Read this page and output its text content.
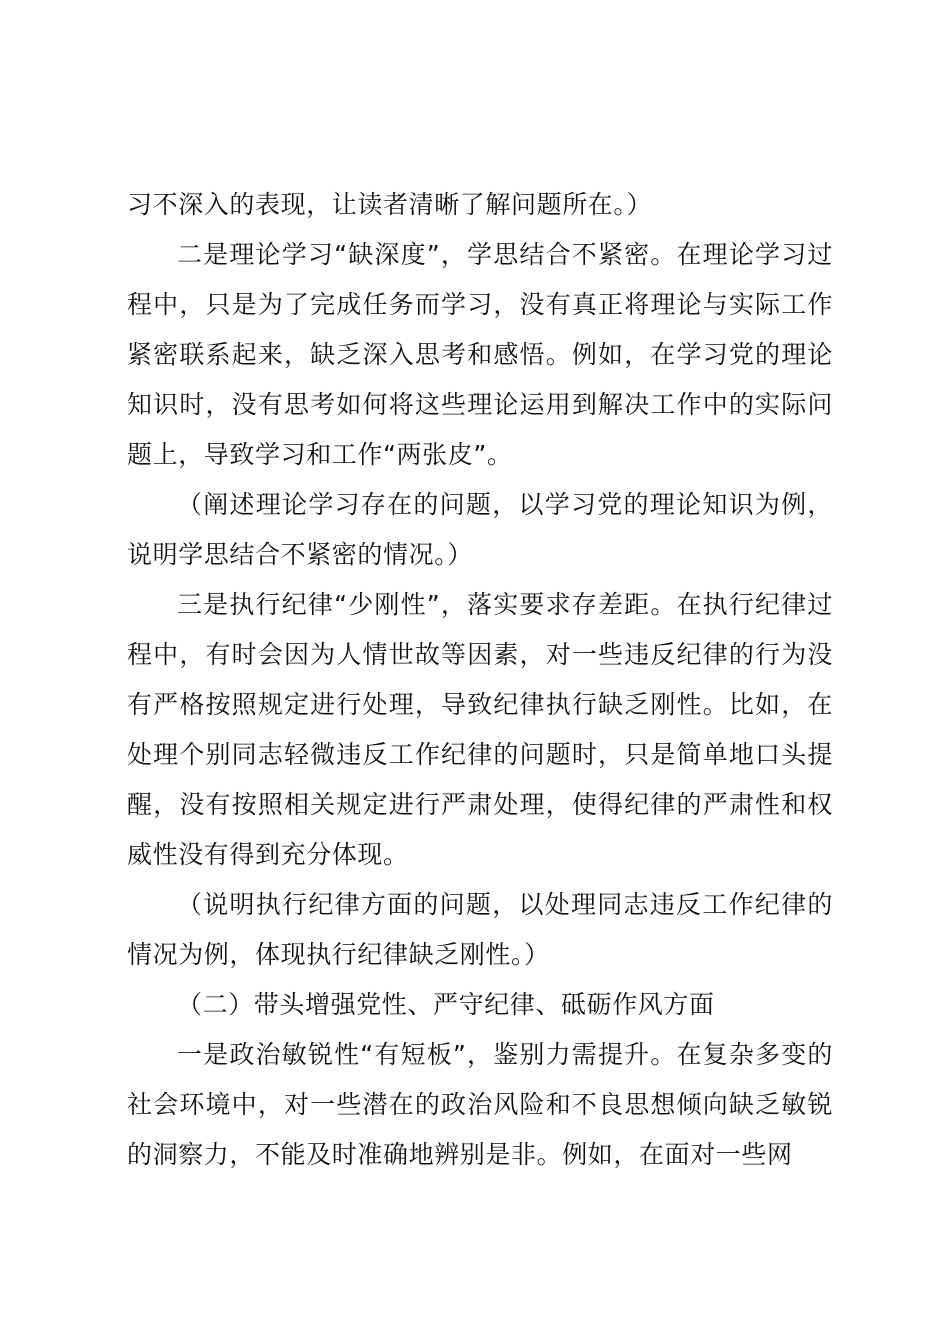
习不深入的表现，让读者清晰了解问题所在。）

二是理论学习“缺深度”，学思结合不紧密。在理论学习过程中，只是为了完成任务而学习，没有真正将理论与实际工作紧密联系起来，缺乏深入思考和感悟。例如，在学习党的理论知识时，没有思考如何将这些理论运用到解决工作中的实际问题上，导致学习和工作“两张皮”。

（阐述理论学习存在的问题，以学习党的理论知识为例，说明学思结合不紧密的情况。）

三是执行纪律“少刚性”，落实要求存差距。在执行纪律过程中，有时会因为人情世故等因素，对一些违反纪律的行为没有严格按照规定进行处理，导致纪律执行缺乏刚性。比如，在处理个别同志轻微违反工作纪律的问题时，只是简单地口头提醒，没有按照相关规定进行严肃处理，使得纪律的严肃性和权威性没有得到充分体现。

（说明执行纪律方面的问题，以处理同志违反工作纪律的情况为例，体现执行纪律缺乏刚性。）

（二）带头增强党性、严守纪律、砥砺作风方面

一是政治敏锐性“有短板”，鉴别力需提升。在复杂多变的社会环境中，对一些潜在的政治风险和不良思想倾向缺乏敏锐的洞察力，不能及时准确地辨别是非。例如，在面对一些网
